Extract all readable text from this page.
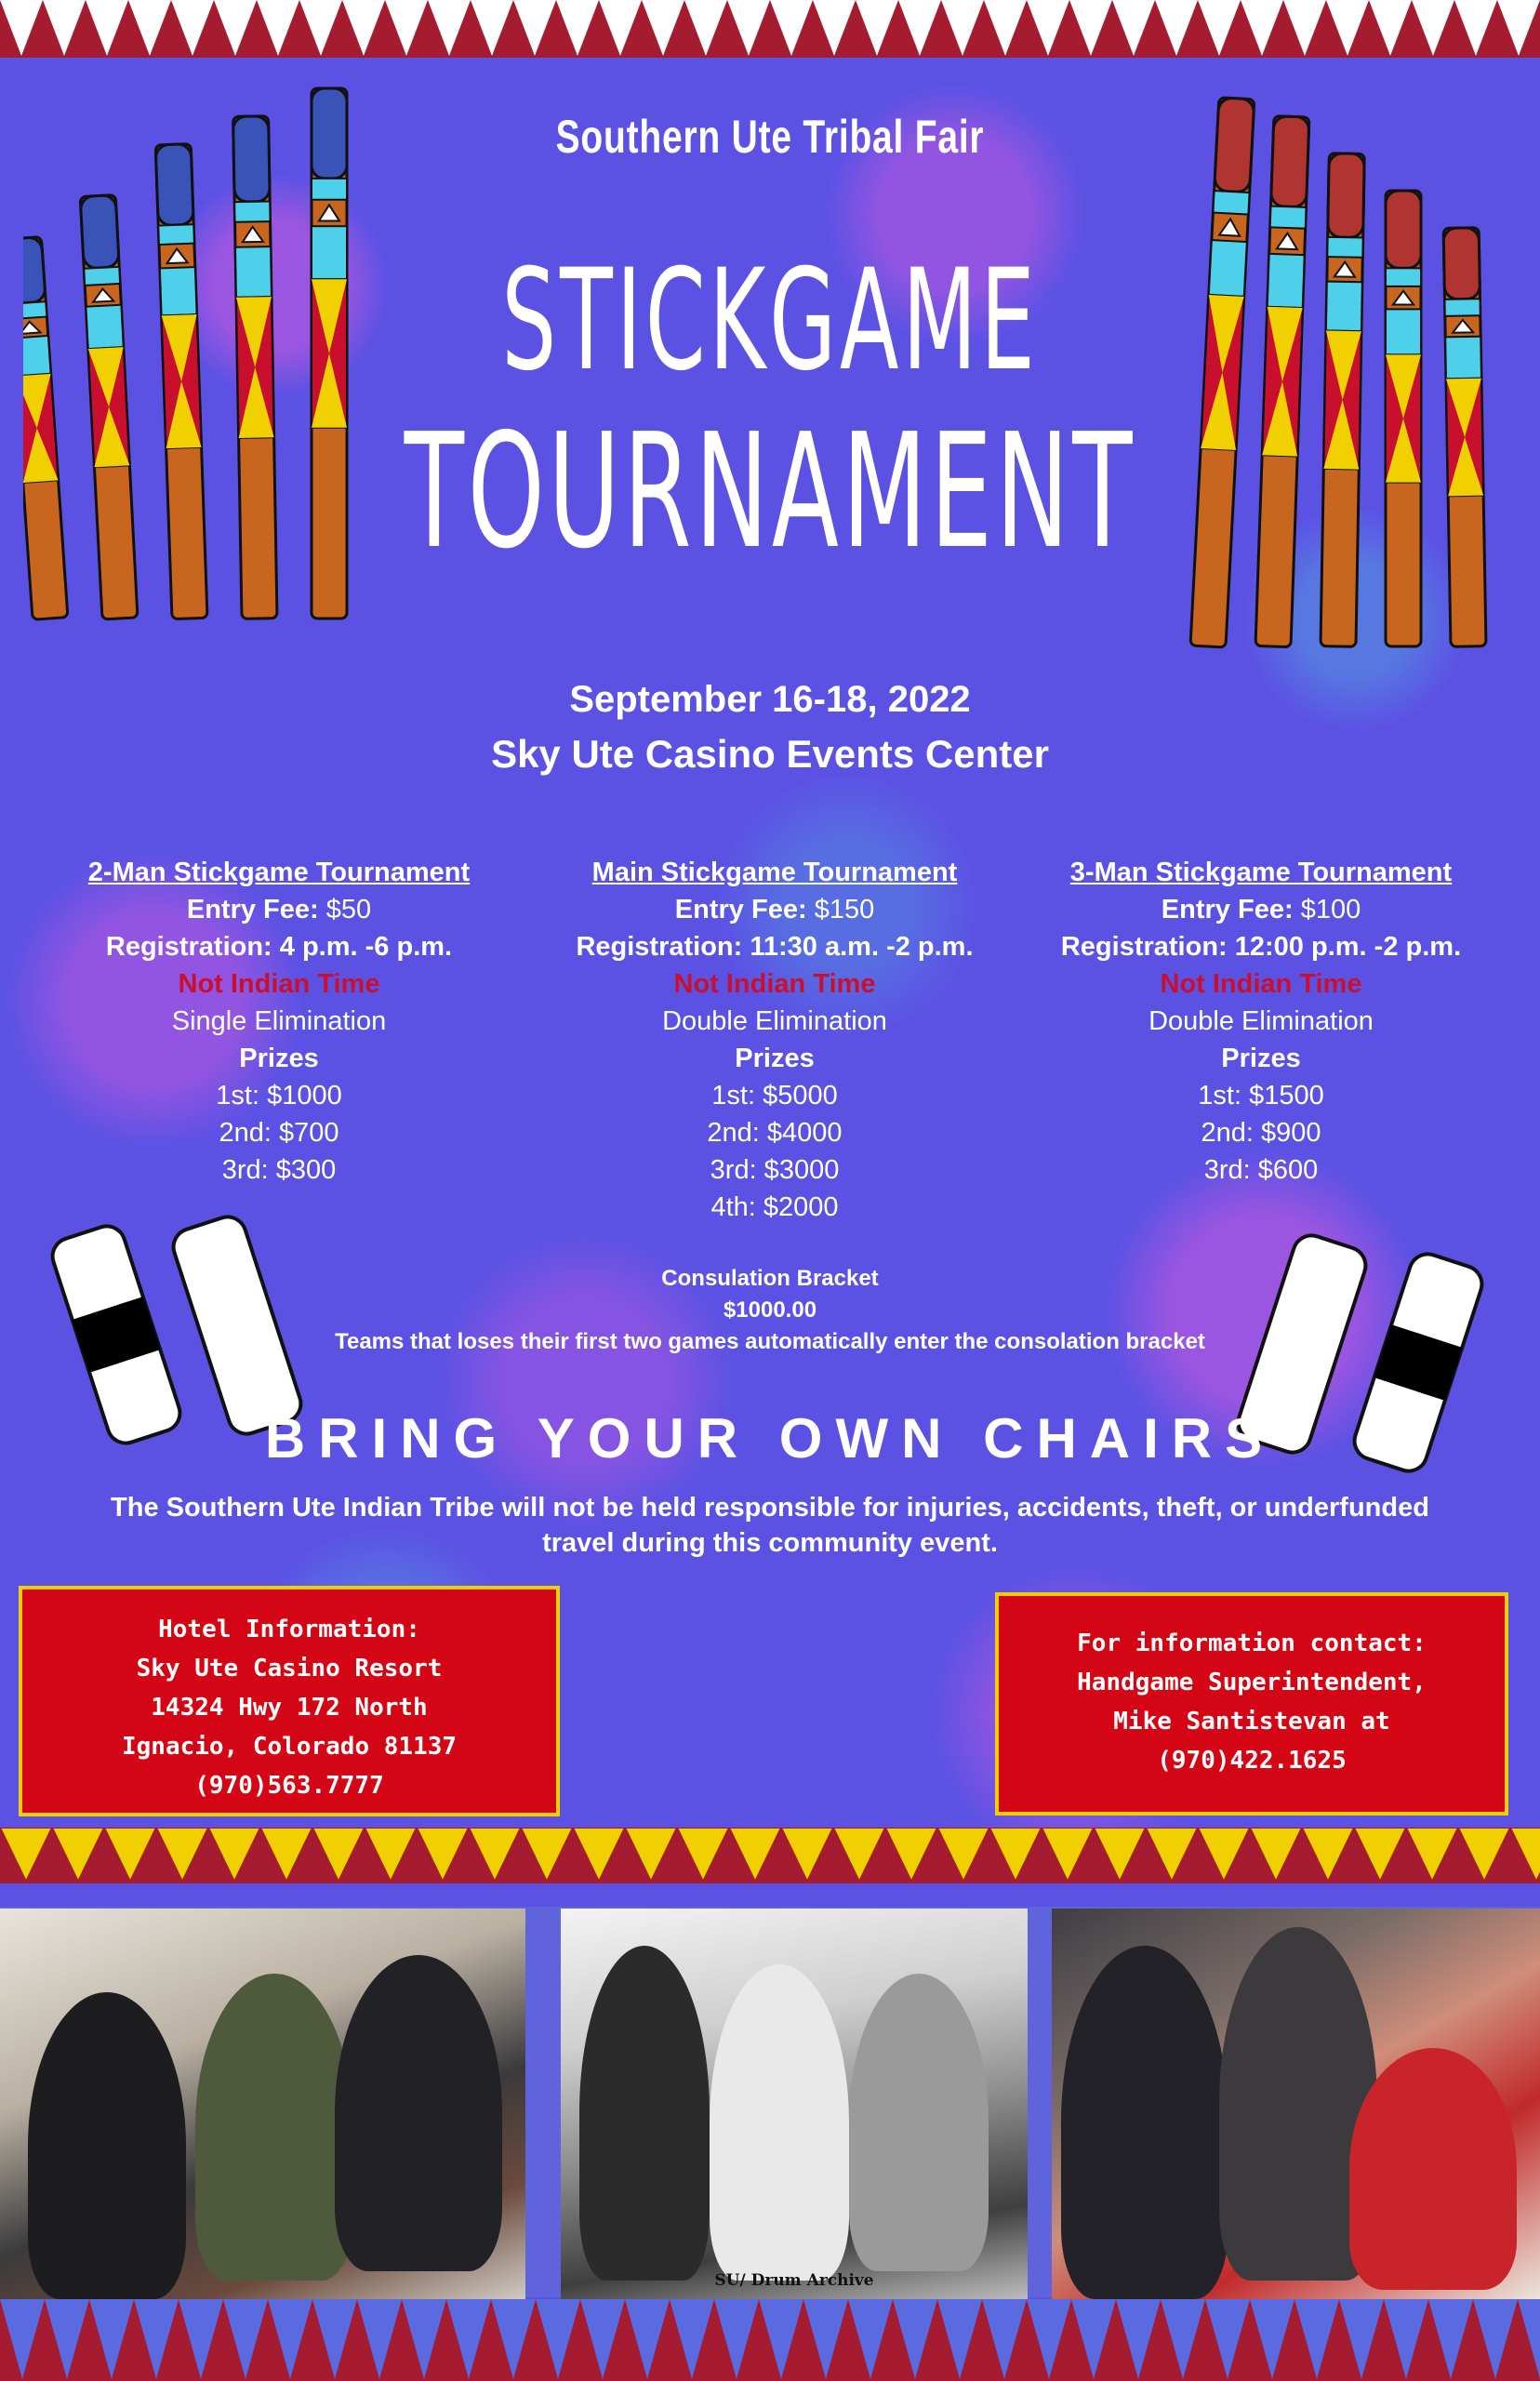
Southern Ute Tribal Fair
STICKGAME
TOURNAMENT
September 16-18, 2022
Sky Ute Casino Events Center
2-Man Stickgame Tournament
Entry Fee: $50
Registration: 4 p.m. -6 p.m.
Not Indian Time
Single Elimination
Prizes
1st: $1000
2nd: $700
3rd: $300
Main Stickgame Tournament
Entry Fee: $150
Registration: 11:30 a.m. -2 p.m.
Not Indian Time
Double Elimination
Prizes
1st: $5000
2nd: $4000
3rd: $3000
4th: $2000
3-Man Stickgame Tournament
Entry Fee: $100
Registration: 12:00 p.m. -2 p.m.
Not Indian Time
Double Elimination
Prizes
1st: $1500
2nd: $900
3rd: $600
Consulation Bracket
$1000.00
Teams that loses their first two games automatically enter the consolation bracket
BRING YOUR OWN CHAIRS
The Southern Ute Indian Tribe will not be held responsible for injuries, accidents, theft, or underfunded travel during this community event.
Hotel Information:
Sky Ute Casino Resort
14324 Hwy 172 North
Ignacio, Colorado 81137
(970)563.7777
For information contact:
Handgame Superintendent,
Mike Santistevan at
(970)422.1625
SU/ Drum Archive
